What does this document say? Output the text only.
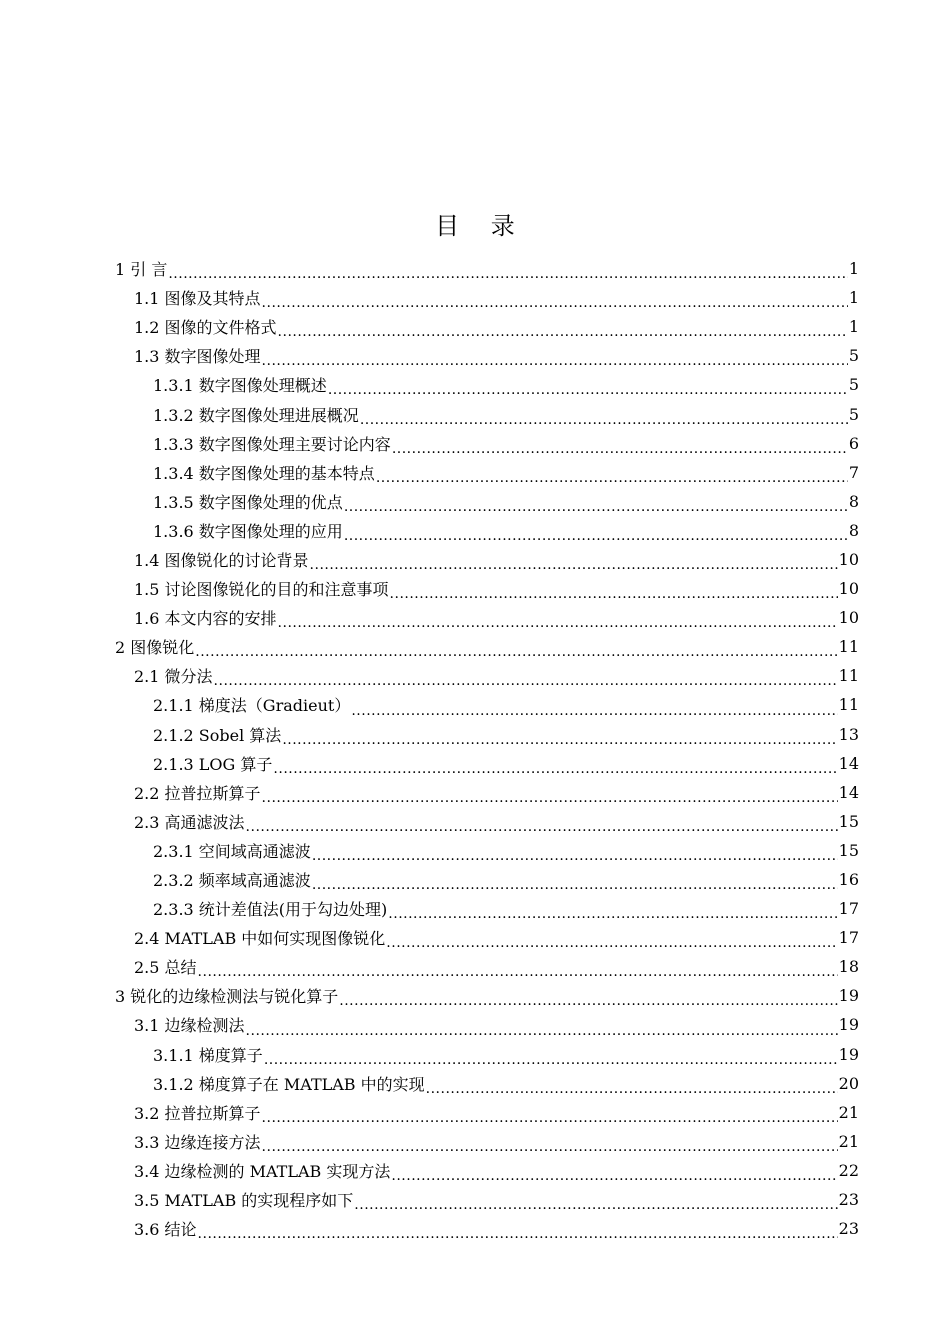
目 录
1 引 言 .....	1
1.1 图像及其特点 .....	1
1.2 图像的文件格式 .....	1
1.3 数字图像处理 .....	5
1.3.1 数字图像处理概述 .....	5
1.3.2 数字图像处理进展概况 .....	5
1.3.3 数字图像处理主要讨论内容 .....	6
1.3.4 数字图像处理的基本特点 .....	7
1.3.5 数字图像处理的优点 .....	8
1.3.6 数字图像处理的应用 .....	8
1.4 图像锐化的讨论背景 .....	10
1.5 讨论图像锐化的目的和注意事项 .....	10
1.6 本文内容的安排 .....	10
2 图像锐化 .....	11
2.1 微分法 .....	11
2.1.1 梯度法（Gradieut） .....	11
2.1.2 Sobel 算法 .....	13
2.1.3 LOG 算子 .....	14
2.2 拉普拉斯算子 .....	14
2.3 高通滤波法 .....	15
2.3.1 空间域高通滤波 .....	15
2.3.2 频率域高通滤波 .....	16
2.3.3 统计差值法(用于勾边处理) .....	17
2.4 MATLAB 中如何实现图像锐化 .....	17
2.5 总结 .....	18
3 锐化的边缘检测法与锐化算子 .....	19
3.1 边缘检测法 .....	19
3.1.1 梯度算子 .....	19
3.1.2 梯度算子在 MATLAB 中的实现 .....	20
3.2 拉普拉斯算子 .....	21
3.3 边缘连接方法 .....	21
3.4 边缘检测的 MATLAB 实现方法 .....	22
3.5 MATLAB 的实现程序如下 .....	23
3.6 结论 .....	23
